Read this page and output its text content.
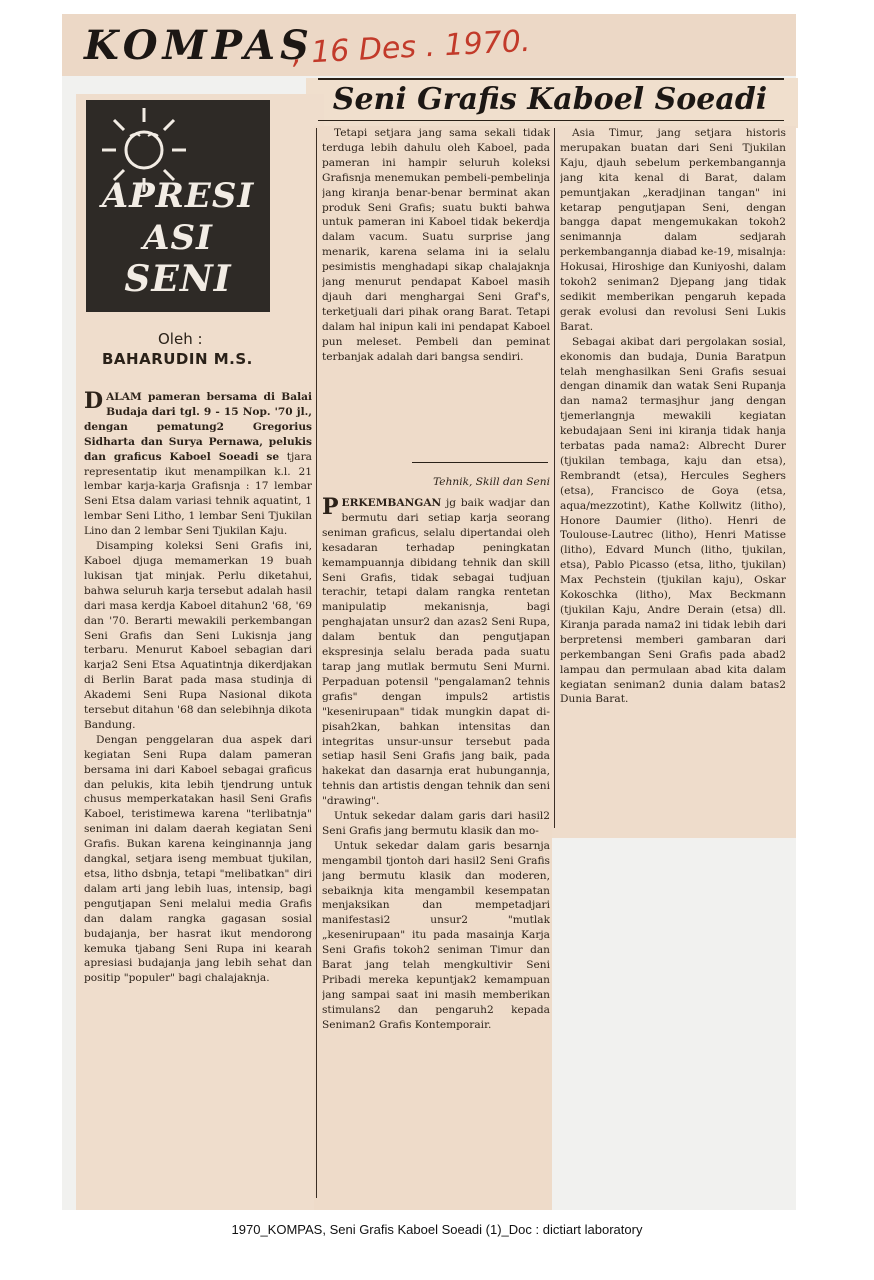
KOMPAS
, 16 Des . 1970.
Seni Grafis Kaboel Soeadi
APRESI
ASI
SENI
Oleh :
BAHARUDIN M.S.

DALAM pameran bersama di Balai Budaja dari tgl. 9 - 15 Nop. '70 jl., dengan pematung2 Gregorius Sidharta dan Surya Pernawa, pelukis dan graficus Kaboel Soeadi se tjara representatip ikut menampilkan k.l. 21 lembar karja-karja Grafisnja : 17 lembar Seni Etsa dalam variasi tehnik aquatint, 1 lembar Seni Litho, 1 lembar Seni Tjukilan Lino dan 2 lembar Seni Tjukilan Kaju.

Disamping koleksi Seni Grafis ini, Kaboel djuga memamerkan 19 buah lukisan tjat minjak. Perlu diketahui, bahwa seluruh karja tersebut adalah hasil dari masa kerdja Kaboel ditahun2 '68, '69 dan '70. Berarti mewakili perkembangan Seni Grafis dan Seni Lukisnja jang terbaru. Menurut Kaboel sebagian dari karja2 Seni Etsa Aquatintnja dikerdjakan di Berlin Barat pada masa studinja di Akademi Seni Rupa Nasional dikota tersebut ditahun '68 dan selebihnja dikota Bandung.

Dengan penggelaran dua aspek dari kegiatan Seni Rupa dalam pameran bersama ini dari Kaboel sebagai graficus dan pelukis, kita lebih tjendrung untuk chusus memperkatakan hasil Seni Grafis Kaboel, teristimewa karena "terlibatnja" seniman ini dalam daerah kegiatan Seni Grafis. Bukan karena keinginannja jang dangkal, setjara iseng membuat tjukilan, etsa, litho dsbnja, tetapi "melibatkan" diri dalam arti jang lebih luas, intensip, bagi pengutjapan Seni melalui media Grafis dan dalam rangka gagasan sosial budajanja, ber hasrat ikut mendorong kemuka tjabang Seni Rupa ini kearah apresiasi budajanja jang lebih sehat dan positip "populer" bagi chalajaknja.

Tetapi setjara jang sama sekali tidak terduga lebih dahulu oleh Kaboel, pada pameran ini hampir seluruh koleksi Grafisnja menemukan pembeli-pembelinja jang kiranja benar-benar berminat akan produk Seni Grafis; suatu bukti bahwa untuk pameran ini Kaboel tidak bekerdja dalam vacum. Suatu surprise jang menarik, karena selama ini ia selalu pesimistis menghadapi sikap chalajaknja jang menurut pendapat Kaboel masih djauh dari menghargai Seni Graf's, terketjuali dari pihak orang Barat. Tetapi dalam hal inipun kali ini pendapat Kaboel pun meleset. Pembeli dan peminat terbanjak adalah dari bangsa sendiri.

Tehnik, Skill dan Seni

PERKEMBANGAN jg baik wadjar dan bermutu dari setiap karja seorang seniman graficus, selalu dipertandai oleh kesadaran terhadap peningkatan kemampuannja dibidang tehnik dan skill Seni Grafis, tidak sebagai tudjuan terachir, tetapi dalam rangka rentetan manipulatip mekanisnja, bagi penghajatan unsur2 dan azas2 Seni Rupa, dalam bentuk dan pengutjapan ekspresinja selalu berada pada suatu tarap jang mutlak bermutu Seni Murni. Perpaduan potensil "pengalaman2 tehnis grafis" dengan impuls2 artistis "kesenirupaan" tidak mungkin dapat di-pisah2kan, bahkan intensitas dan integritas unsur-unsur tersebut pada setiap hasil Seni Grafis jang baik, pada hakekat dan dasarnja erat hubungannja, tehnis dan artistis dengan tehnik dan seni "drawing".

Untuk sekedar dalam garis dari hasil2 Seni Grafis jang bermutu klasik dan mo-

Untuk sekedar dalam garis besarnja mengambil tjontoh dari hasil2 Seni Grafis jang bermutu klasik dan moderen, sebaiknja kita mengambil kesempatan menjaksikan dan mempetadjari manifestasi2 unsur2 "mutlak „kesenirupaan" itu pada masainja Karja Seni Grafis tokoh2 seniman Timur dan Barat jang telah mengkultivir Seni Pribadi mereka kepuntjak2 kemampuan jang sampai saat ini masih memberikan stimulans2 dan pengaruh2 kepada Seniman2 Grafis Kontemporair.

Asia Timur, jang setjara historis merupakan buatan dari Seni Tjukilan Kaju, djauh sebelum perkembangannja jang kita kenal di Barat, dalam pemuntjakan „keradjinan tangan" ini ketarap pengutjapan Seni, dengan bangga dapat mengemukakan tokoh2 senimannja dalam sedjarah perkembangannja diabad ke-19, misalnja: Hokusai, Hiroshige dan Kuniyoshi, dalam tokoh2 seniman2 Djepang jang tidak sedikit memberikan pengaruh kepada gerak evolusi dan revolusi Seni Lukis Barat.

Sebagai akibat dari pergolakan sosial, ekonomis dan budaja, Dunia Baratpun telah menghasilkan Seni Grafis sesuai dengan dinamik dan watak Seni Rupanja dan nama2 termasjhur jang dengan tjemerlangnja mewakili kegiatan kebudajaan Seni ini kiranja tidak hanja terbatas pada nama2: Albrecht Durer (tjukilan tembaga, kaju dan etsa), Rembrandt (etsa), Hercules Seghers (etsa), Francisco de Goya (etsa, aqua/mezzotint), Kathe Kollwitz (litho), Honore Daumier (litho). Henri de Toulouse-Lautrec (litho), Henri Matisse (litho), Edvard Munch (litho, tjukilan, etsa), Pablo Picasso (etsa, litho, tjukilan) Max Pechstein (tjukilan kaju), Oskar Kokoschka (litho), Max Beckmann (tjukilan Kaju, Andre Derain (etsa) dll. Kiranja parada nama2 ini tidak lebih dari berpretensi memberi gambaran dari perkembangan Seni Grafis pada abad2 lampau dan permulaan abad kita dalam kegiatan seniman2 dunia dalam batas2 Dunia Barat.

1970_KOMPAS, Seni Grafis Kaboel Soeadi (1)_Doc : dictiart laboratory
